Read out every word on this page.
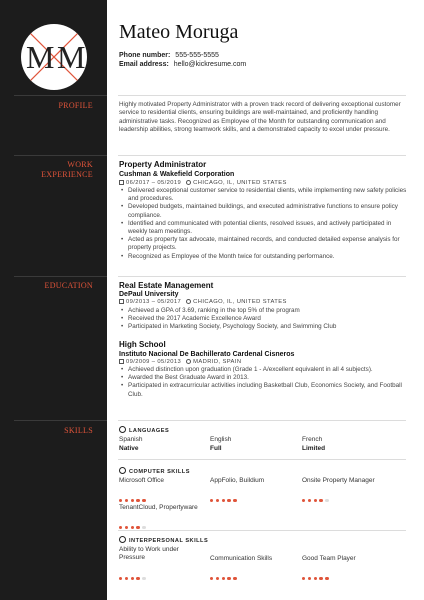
M M
PROFILE
WORK
EXPERIENCE
EDUCATION
SKILLS
Mateo Moruga
Phone number: 555-555-5555
Email address: hello@kickresume.com
Highly motivated Property Administrator with a proven track record of delivering exceptional customer service to residential clients, ensuring buildings are well-maintained, and proficiently handling administrative tasks. Recognized as Employee of the Month for outstanding communication and leadership abilities, strong teamwork skills, and a demonstrated capacity to excel under pressure.
Property Administrator
Cushman & Wakefield Corporation
06/2017 – 05/2019 CHICAGO, IL, UNITED STATES
• Delivered exceptional customer service to residential clients, while implementing new safety policies and procedures.
• Developed budgets, maintained buildings, and executed administrative functions to ensure policy compliance.
• Identified and communicated with potential clients, resolved issues, and actively participated in weekly team meetings.
• Acted as property tax advocate, maintained records, and conducted detailed expense analysis for property projects.
• Recognized as Employee of the Month twice for outstanding performance.
Real Estate Management
DePaul University
09/2013 – 05/2017 CHICAGO, IL, UNITED STATES
• Achieved a GPA of 3.69, ranking in the top 5% of the program
• Received the 2017 Academic Excellence Award
• Participated in Marketing Society, Psychology Society, and Swimming Club
High School
Instituto Nacional De Bachillerato Cardenal Cisneros
09/2009 – 05/2013 MADRID, SPAIN
• Achieved distinction upon graduation (Grade 1 - A/excellent equivalent in all 4 subjects).
• Awarded the Best Graduate Award in 2013.
• Participated in extracurricular activities including Basketball Club, Economics Society, and Football Club.
LANGUAGES
Spanish
Native
English
Full
French
Limited
COMPUTER SKILLS
Microsoft Office	AppFolio, Buildium	Onsite Property Manager
TenantCloud, Propertyware
INTERPERSONAL SKILLS
Ability to Work under Pressure	Communication Skills	Good Team Player
